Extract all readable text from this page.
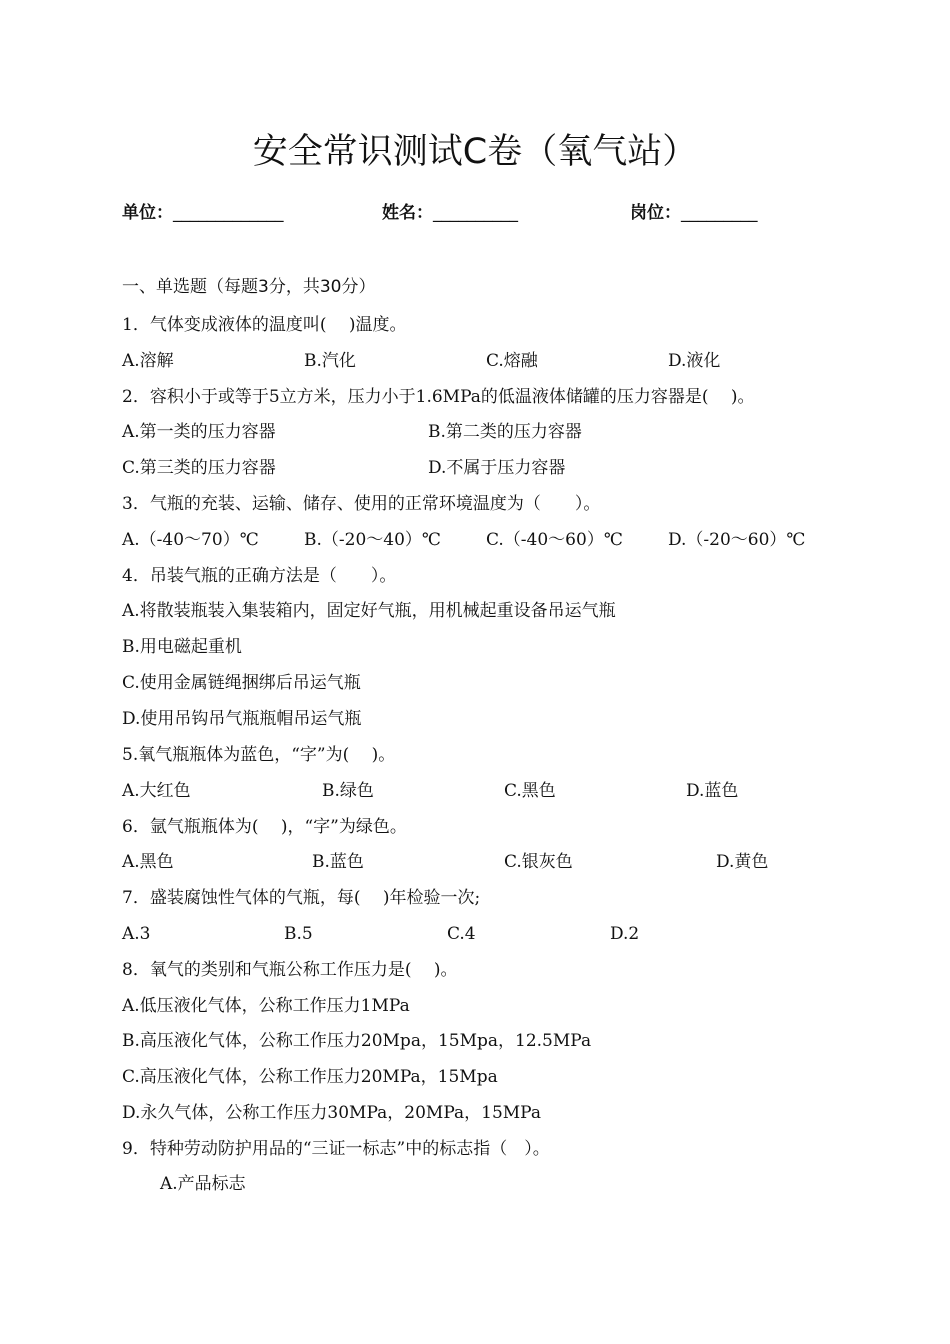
安全常识测试C卷（氧气站）
单位：_____________	姓名：__________	岗位：_________
一、单选题（每题3分，共30分）
1．气体变成液体的温度叫(　 )温度。
A.溶解	B.汽化	C.熔融	D.液化
2．容积小于或等于5立方米，压力小于1.6MPa的低温液体储罐的压力容器是(　 )。
A.第一类的压力容器	B.第二类的压力容器
C.第三类的压力容器	D.不属于压力容器
3．气瓶的充装、运输、储存、使用的正常环境温度为（　　）。
A.（-40～70）℃	B.（-20～40）℃	C.（-40～60）℃	D.（-20～60）℃
4．吊装气瓶的正确方法是（　　）。
A.将散装瓶装入集装箱内，固定好气瓶，用机械起重设备吊运气瓶
B.用电磁起重机
C.使用金属链绳捆绑后吊运气瓶
D.使用吊钩吊气瓶瓶帽吊运气瓶
5.氧气瓶瓶体为蓝色，“字”为(　 )。
A.大红色	B.绿色	C.黑色	D.蓝色
6．氩气瓶瓶体为(　 )，“字”为绿色。
A.黑色	B.蓝色	C.银灰色	D.黄色
7．盛装腐蚀性气体的气瓶，每(　 )年检验一次;
A.3	B.5	C.4	D.2
8．氧气的类别和气瓶公称工作压力是(　 )。
A.低压液化气体，公称工作压力1MPa
B.高压液化气体，公称工作压力20Mpa，15Mpa，12.5MPa
C.高压液化气体，公称工作压力20MPa，15Mpa
D.永久气体，公称工作压力30MPa，20MPa，15MPa
9．特种劳动防护用品的“三证一标志”中的标志指（　）。
A.产品标志
